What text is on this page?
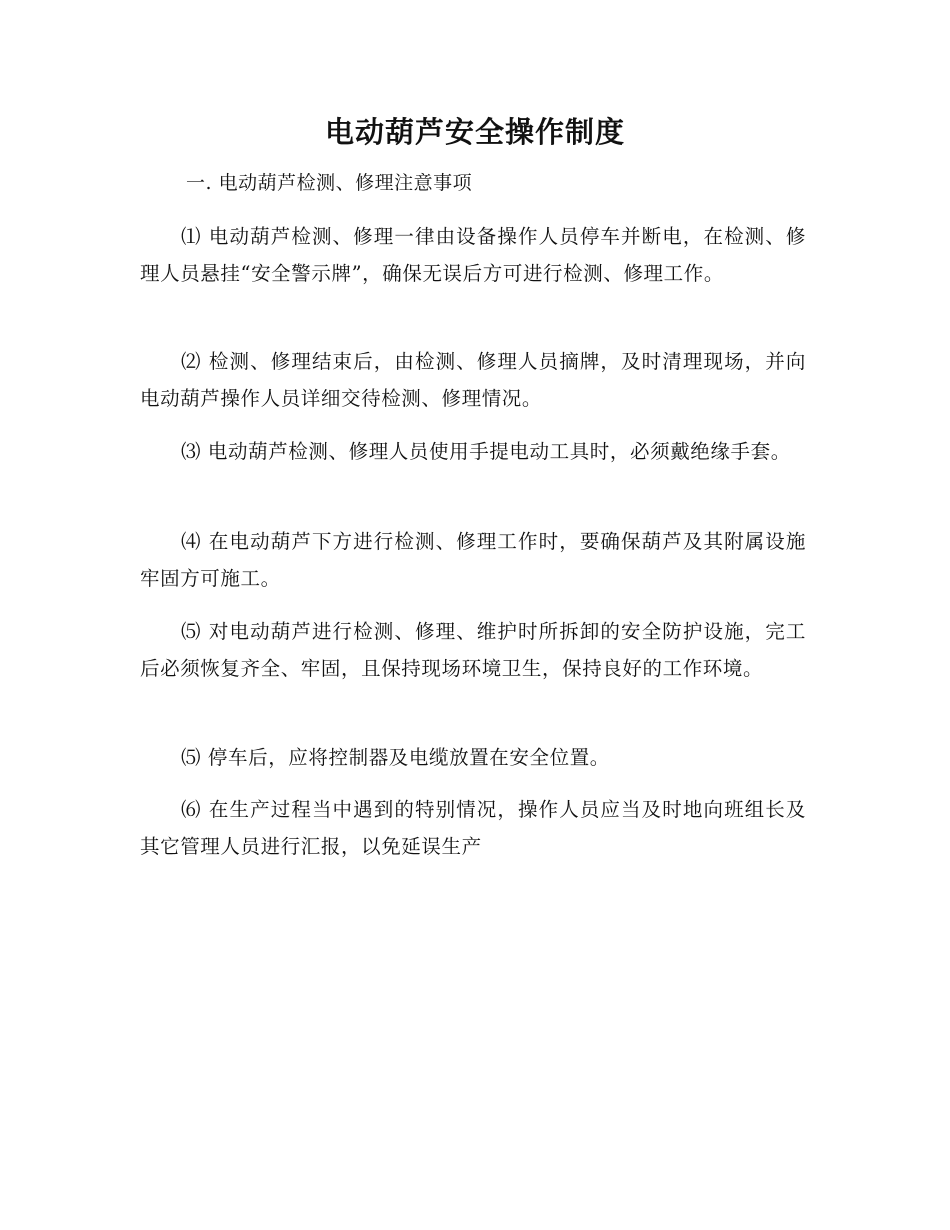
电动葫芦安全操作制度

一. 电动葫芦检测、修理注意事项

⑴ 电动葫芦检测、修理一律由设备操作人员停车并断电，在检测、修理人员悬挂“安全警示牌”，确保无误后方可进行检测、修理工作。

⑵ 检测、修理结束后，由检测、修理人员摘牌，及时清理现场，并向电动葫芦操作人员详细交待检测、修理情况。

⑶ 电动葫芦检测、修理人员使用手提电动工具时，必须戴绝缘手套。

⑷ 在电动葫芦下方进行检测、修理工作时，要确保葫芦及其附属设施牢固方可施工。

⑸ 对电动葫芦进行检测、修理、维护时所拆卸的安全防护设施，完工后必须恢复齐全、牢固，且保持现场环境卫生，保持良好的工作环境。

⑸ 停车后，应将控制器及电缆放置在安全位置。

⑹ 在生产过程当中遇到的特别情况，操作人员应当及时地向班组长及其它管理人员进行汇报，以免延误生产
